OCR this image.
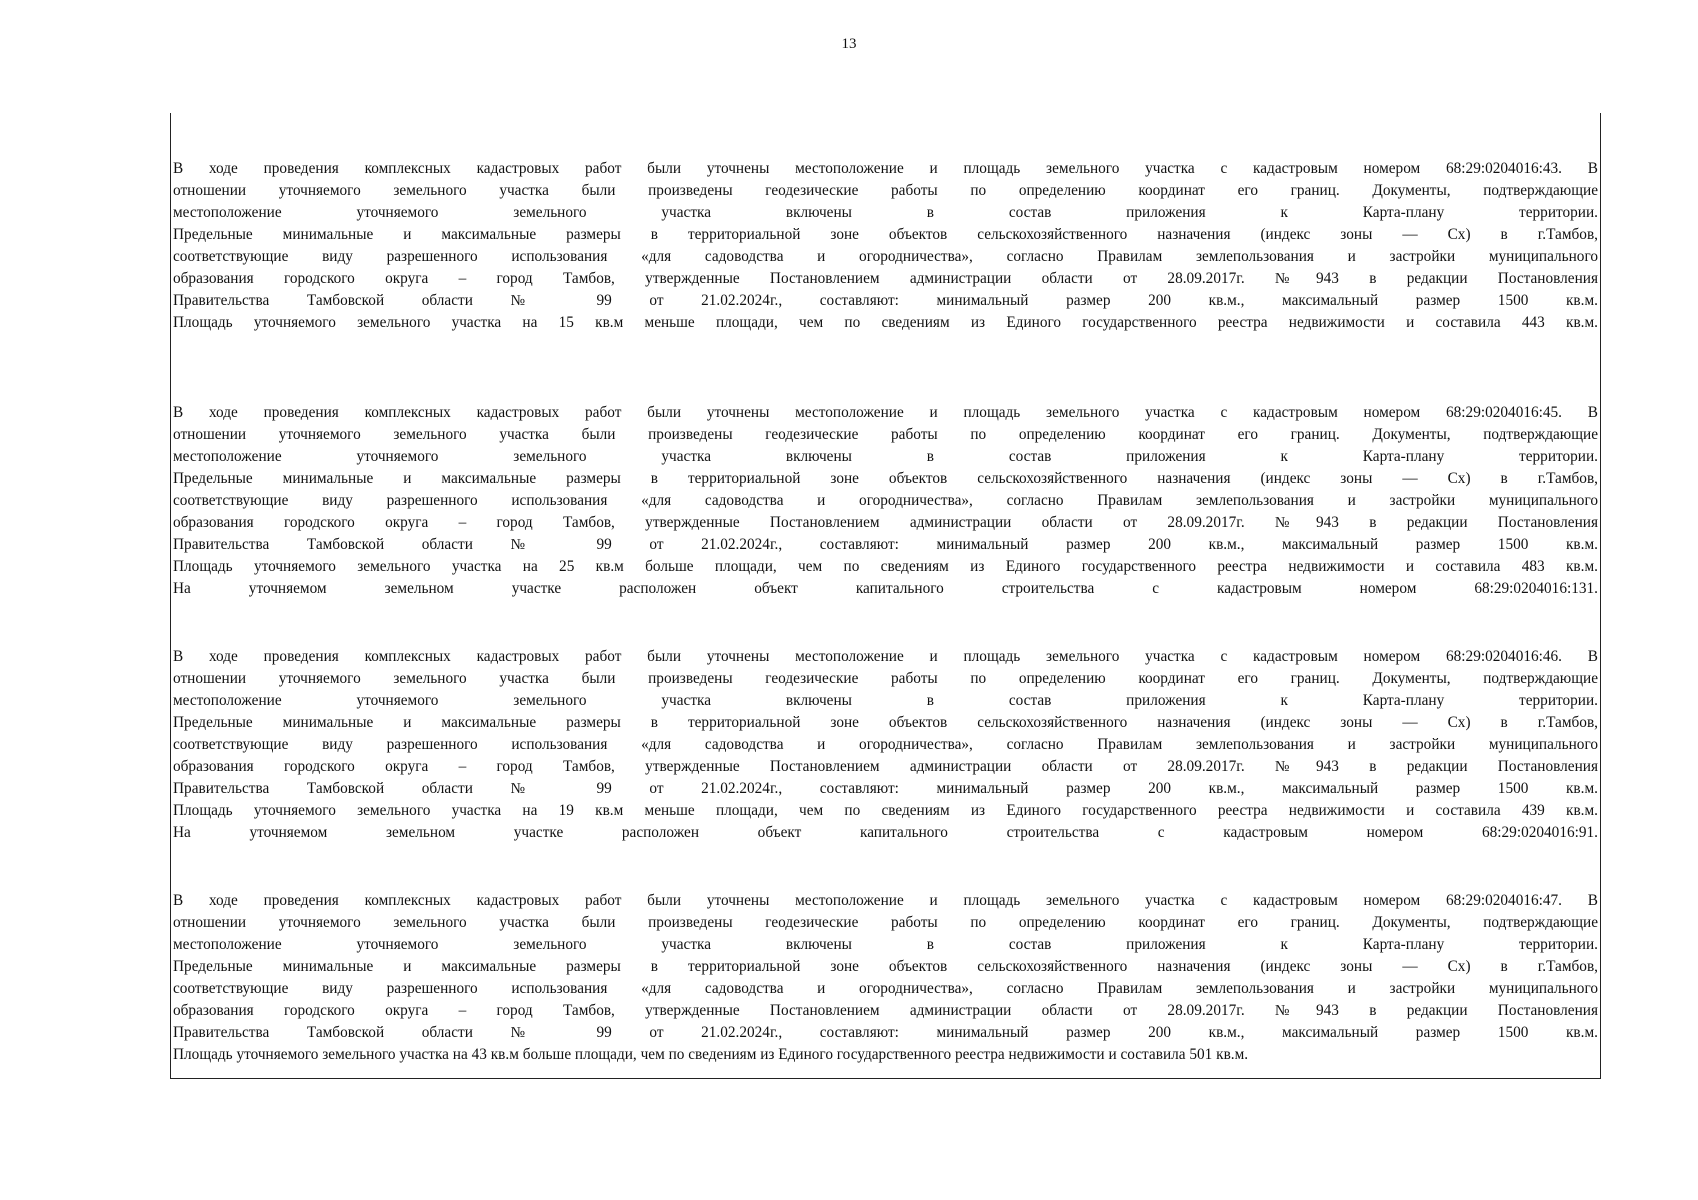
13

В ходе проведения комплексных кадастровых работ были уточнены местоположение и площадь земельного участка с кадастровым номером 68:29:0204016:43. В
отношении уточняемого земельного участка были произведены геодезические работы по определению координат его границ. Документы, подтверждающие
местоположение уточняемого земельного участка включены в состав приложения к Карта-плану территории.
Предельные минимальные и максимальные размеры в территориальной зоне объектов сельскохозяйственного назначения (индекс зоны — Сх) в г.Тамбов,
соответствующие виду разрешенного использования «для садоводства и огородничества», согласно Правилам землепользования и застройки муниципального
образования городского округа – город Тамбов, утвержденные Постановлением администрации области от 28.09.2017г. №943 в редакции Постановления
Правительства Тамбовской области № 99 от 21.02.2024г., составляют: минимальный размер 200 кв.м., максимальный размер 1500 кв.м.
Площадь уточняемого земельного участка на 15 кв.м меньше площади, чем по сведениям из Единого государственного реестра недвижимости и составила 443 кв.м.

В ходе проведения комплексных кадастровых работ были уточнены местоположение и площадь земельного участка с кадастровым номером 68:29:0204016:45. В
отношении уточняемого земельного участка были произведены геодезические работы по определению координат его границ. Документы, подтверждающие
местоположение уточняемого земельного участка включены в состав приложения к Карта-плану территории.
Предельные минимальные и максимальные размеры в территориальной зоне объектов сельскохозяйственного назначения (индекс зоны — Сх) в г.Тамбов,
соответствующие виду разрешенного использования «для садоводства и огородничества», согласно Правилам землепользования и застройки муниципального
образования городского округа – город Тамбов, утвержденные Постановлением администрации области от 28.09.2017г. №943 в редакции Постановления
Правительства Тамбовской области № 99 от 21.02.2024г., составляют: минимальный размер 200 кв.м., максимальный размер 1500 кв.м.
Площадь уточняемого земельного участка на 25 кв.м больше площади, чем по сведениям из Единого государственного реестра недвижимости и составила 483 кв.м.
На уточняемом земельном участке расположен объект капитального строительства с кадастровым номером 68:29:0204016:131.

В ходе проведения комплексных кадастровых работ были уточнены местоположение и площадь земельного участка с кадастровым номером 68:29:0204016:46. В
отношении уточняемого земельного участка были произведены геодезические работы по определению координат его границ. Документы, подтверждающие
местоположение уточняемого земельного участка включены в состав приложения к Карта-плану территории.
Предельные минимальные и максимальные размеры в территориальной зоне объектов сельскохозяйственного назначения (индекс зоны — Сх) в г.Тамбов,
соответствующие виду разрешенного использования «для садоводства и огородничества», согласно Правилам землепользования и застройки муниципального
образования городского округа – город Тамбов, утвержденные Постановлением администрации области от 28.09.2017г. №943 в редакции Постановления
Правительства Тамбовской области № 99 от 21.02.2024г., составляют: минимальный размер 200 кв.м., максимальный размер 1500 кв.м.
Площадь уточняемого земельного участка на 19 кв.м меньше площади, чем по сведениям из Единого государственного реестра недвижимости и составила 439 кв.м.
На уточняемом земельном участке расположен объект капитального строительства с кадастровым номером 68:29:0204016:91.

В ходе проведения комплексных кадастровых работ были уточнены местоположение и площадь земельного участка с кадастровым номером 68:29:0204016:47. В
отношении уточняемого земельного участка были произведены геодезические работы по определению координат его границ. Документы, подтверждающие
местоположение уточняемого земельного участка включены в состав приложения к Карта-плану территории.
Предельные минимальные и максимальные размеры в территориальной зоне объектов сельскохозяйственного назначения (индекс зоны — Сх) в г.Тамбов,
соответствующие виду разрешенного использования «для садоводства и огородничества», согласно Правилам землепользования и застройки муниципального
образования городского округа – город Тамбов, утвержденные Постановлением администрации области от 28.09.2017г. №943 в редакции Постановления
Правительства Тамбовской области № 99 от 21.02.2024г., составляют: минимальный размер 200 кв.м., максимальный размер 1500 кв.м.
Площадь уточняемого земельного участка на 43 кв.м больше площади, чем по сведениям из Единого государственного реестра недвижимости и составила 501 кв.м.
